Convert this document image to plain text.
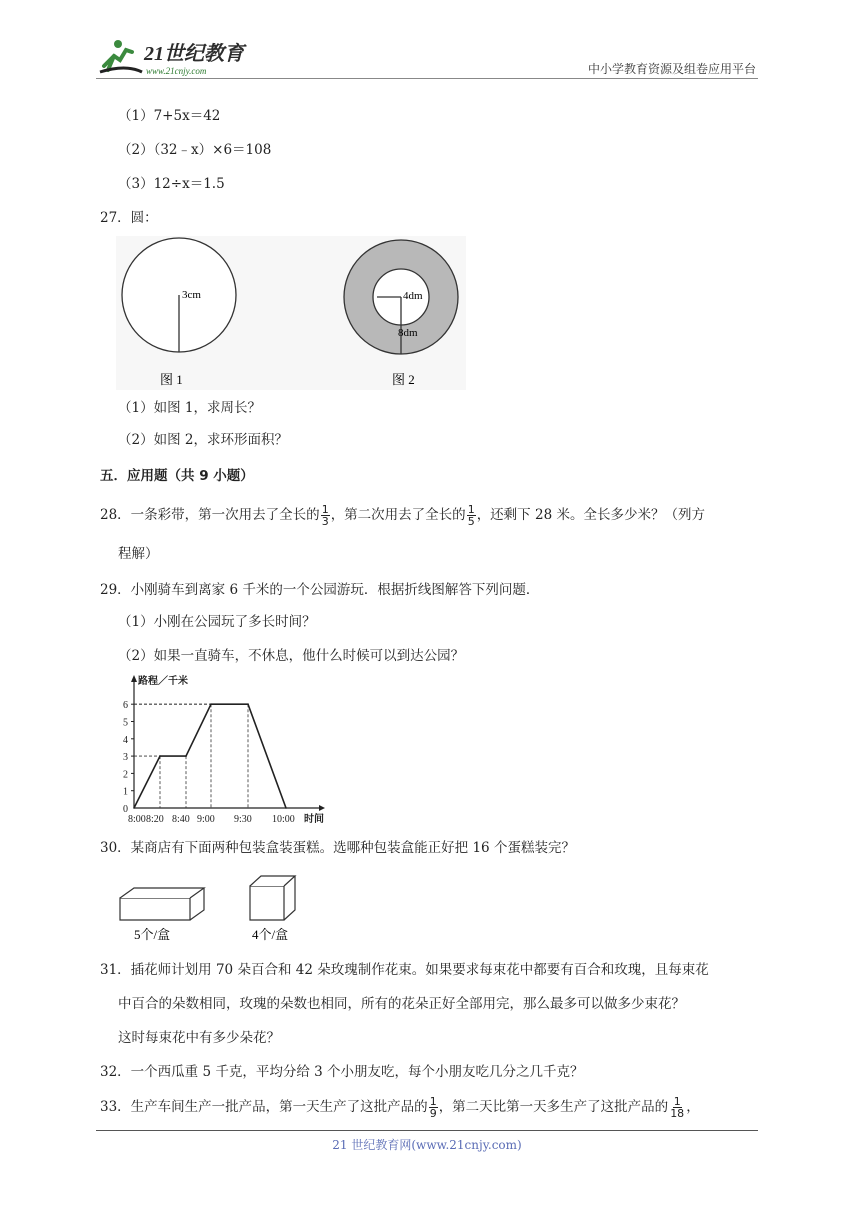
21世纪教育
www.21cnjy.com	中小学教育资源及组卷应用平台
（1）7+5x＝42
（2）（32﹣x）×6＝108
（3）12÷x＝1.5
27．圆：
3cm
图 1
4dm
8dm
图 2
（1）如图 1，求周长？
（2）如图 2，求环形面积？
五．应用题（共 9 小题）
28．一条彩带，第一次用去了全长的 $\frac{1}{3}$ ，第二次用去了全长的 $\frac{1}{5}$ ，还剩下 28 米。全长多少米？（列方
程解）
29．小刚骑车到离家 6 千米的一个公园游玩．根据折线图解答下列问题．
（1）小刚在公园玩了多长时间？
（2）如果一直骑车，不休息，他什么时候可以到达公园？
0
1
2
3
4
5
6
8:00 8:20 8:40 9:00 9:30 10:00
路程／千米
时间
30．某商店有下面两种包装盒装蛋糕。选哪种包装盒能正好把 16 个蛋糕装完？
5个/盒	4个/盒
31．插花师计划用 70 朵百合和 42 朵玫瑰制作花束。如果要求每束花中都要有百合和玫瑰，且每束花
中百合的朵数相同，玫瑰的朵数也相同，所有的花朵正好全部用完，那么最多可以做多少束花？
这时每束花中有多少朵花？
32．一个西瓜重 5 千克，平均分给 3 个小朋友吃，每个小朋友吃几分之几千克？
33．生产车间生产一批产品，第一天生产了这批产品的 $\frac{1}{9}$ ，第二天比第一天多生产了这批产品的 $\frac{1}{18}$ ，
21 世纪教育网(www.21cnjy.com)
